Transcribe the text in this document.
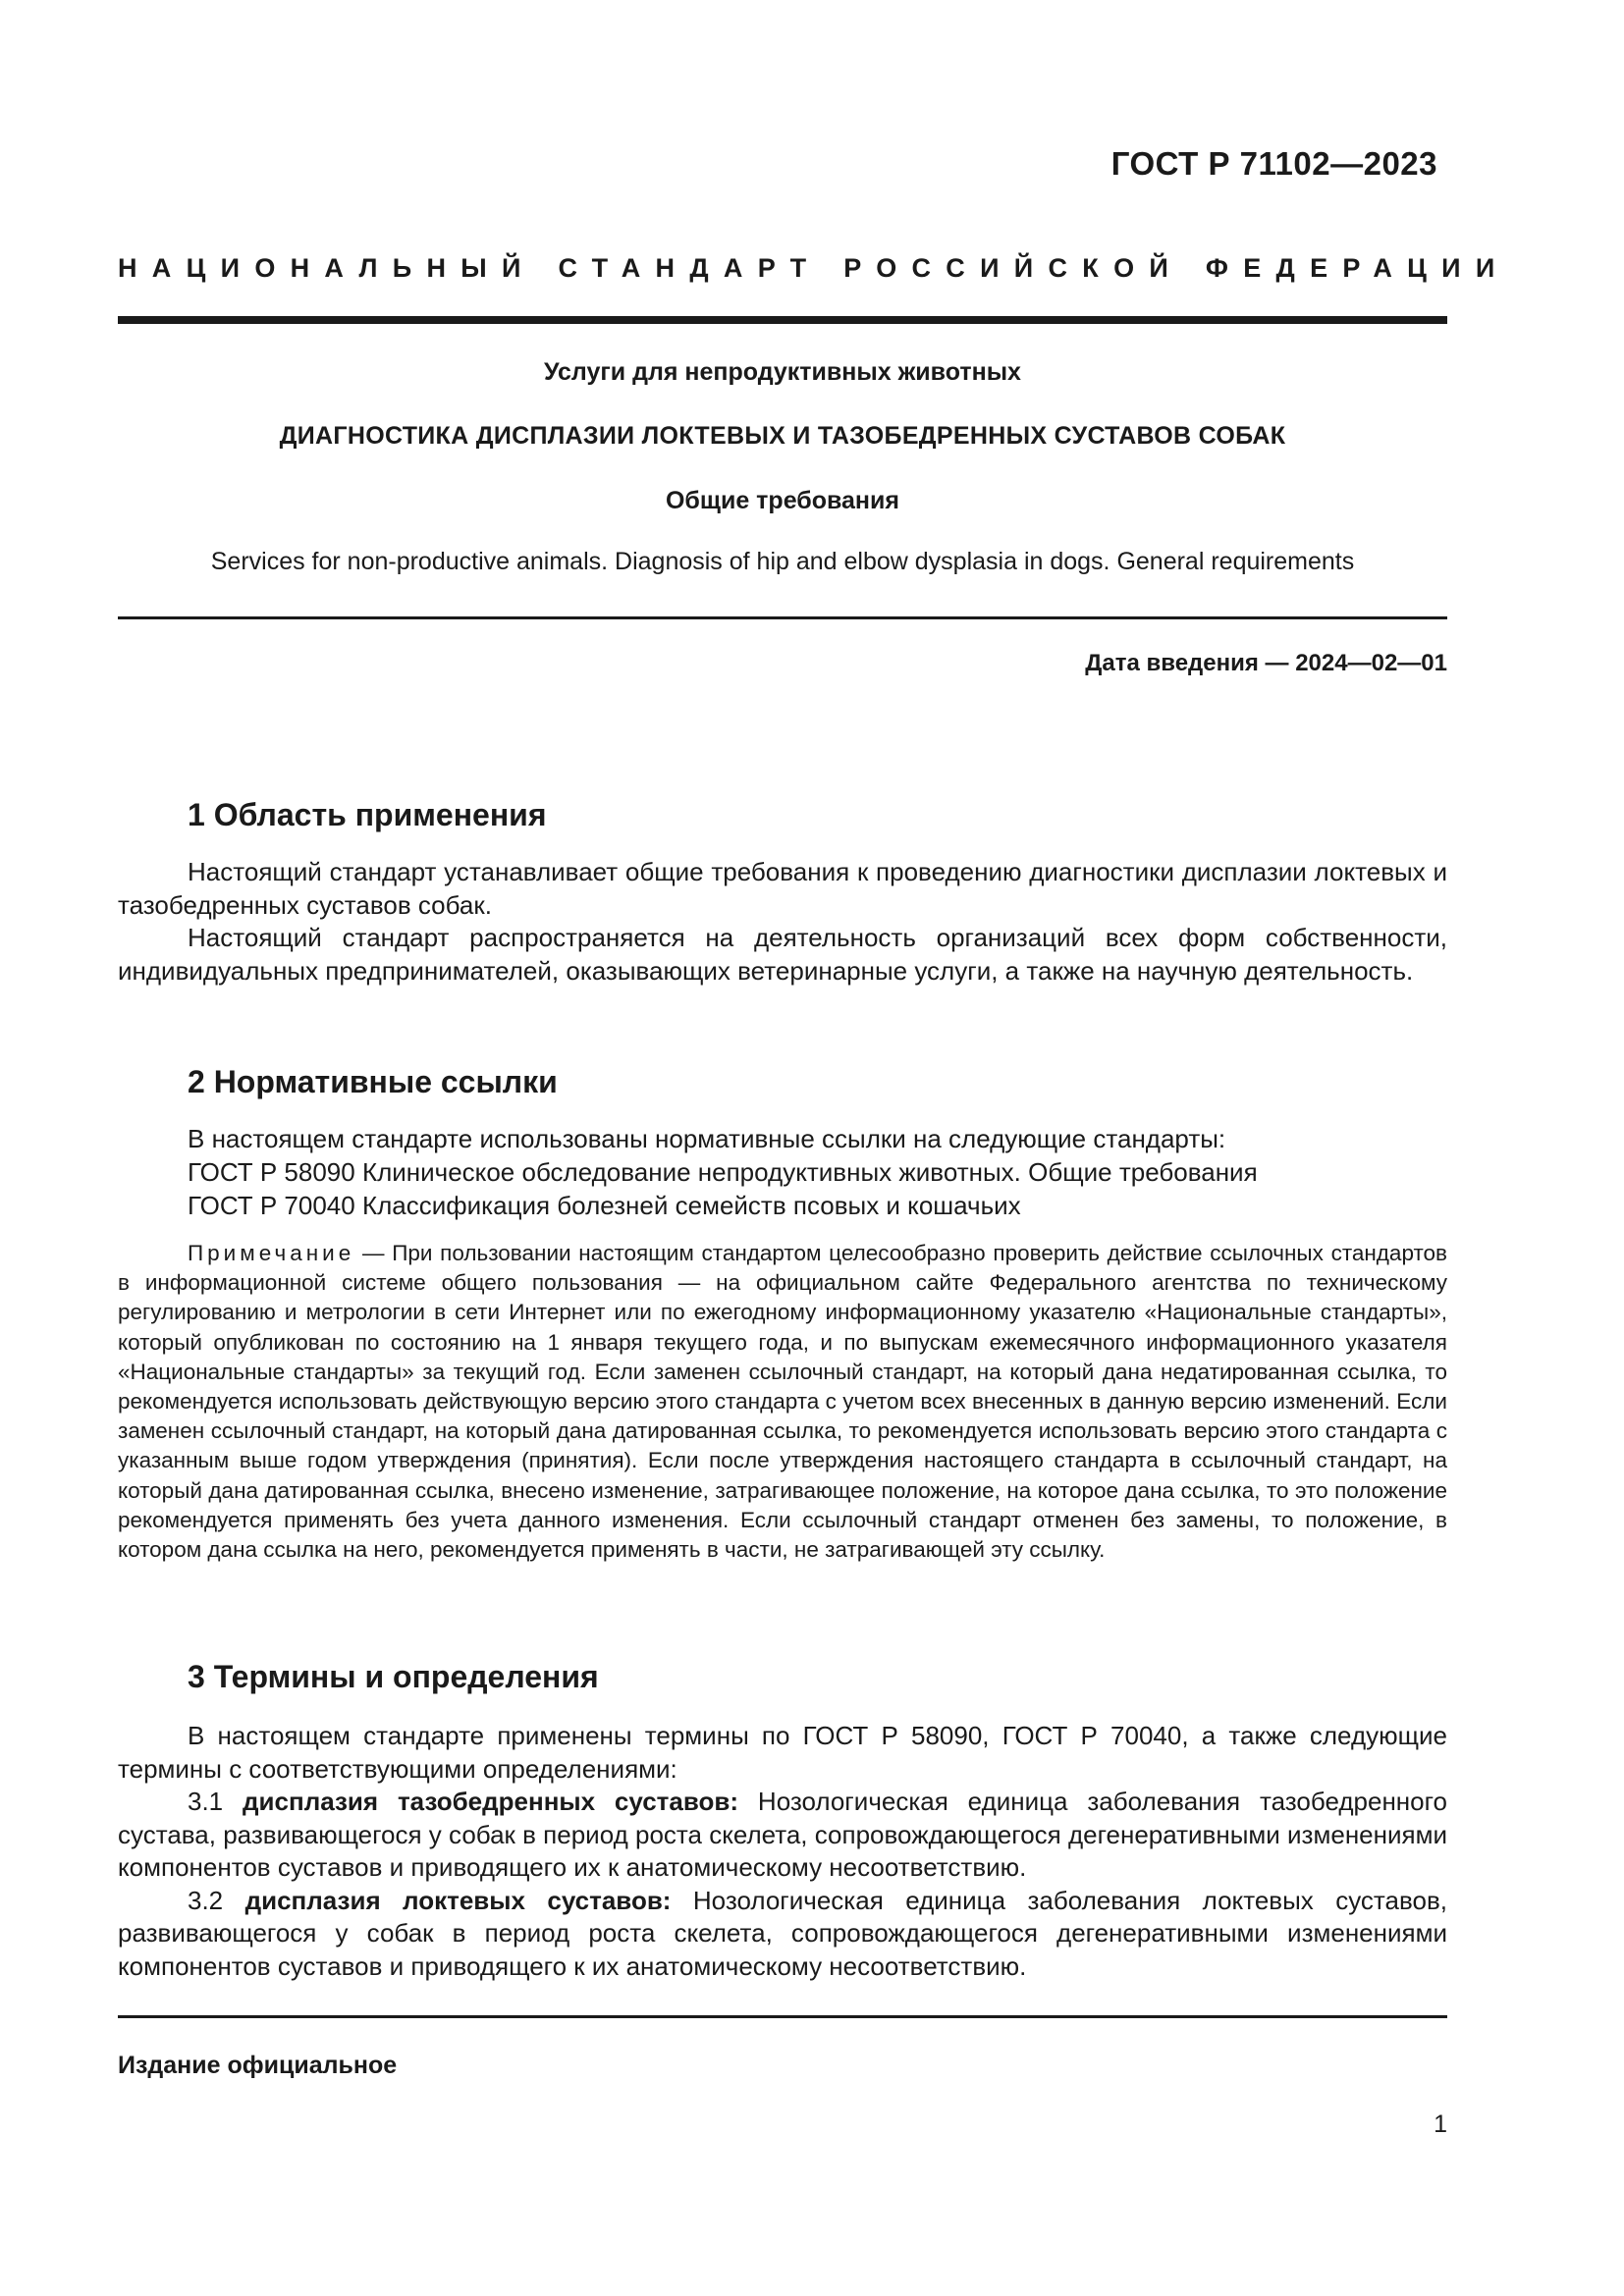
ГОСТ Р 71102—2023
НАЦИОНАЛЬНЫЙ СТАНДАРТ РОССИЙСКОЙ ФЕДЕРАЦИИ
Услуги для непродуктивных животных
ДИАГНОСТИКА ДИСПЛАЗИИ ЛОКТЕВЫХ И ТАЗОБЕДРЕННЫХ СУСТАВОВ СОБАК
Общие требования
Services for non-productive animals. Diagnosis of hip and elbow dysplasia in dogs. General requirements
Дата введения — 2024—02—01
1 Область применения

Настоящий стандарт устанавливает общие требования к проведению диагностики дисплазии локтевых и тазобедренных суставов собак.

Настоящий стандарт распространяется на деятельность организаций всех форм собственности, индивидуальных предпринимателей, оказывающих ветеринарные услуги, а также на научную деятельность.

2 Нормативные ссылки
В настоящем стандарте использованы нормативные ссылки на следующие стандарты:
ГОСТ Р 58090 Клиническое обследование непродуктивных животных. Общие требования
ГОСТ Р 70040 Классификация болезней семейств псовых и кошачьих
Примечание — При пользовании настоящим стандартом целесообразно проверить действие ссылочных стандартов в информационной системе общего пользования — на официальном сайте Федерального агентства по техническому регулированию и метрологии в сети Интернет или по ежегодному информационному указателю «Национальные стандарты», который опубликован по состоянию на 1 января текущего года, и по выпускам ежемесячного информационного указателя «Национальные стандарты» за текущий год. Если заменен ссылочный стандарт, на который дана недатированная ссылка, то рекомендуется использовать действующую версию этого стандарта с учетом всех внесенных в данную версию изменений. Если заменен ссылочный стандарт, на который дана датированная ссылка, то рекомендуется использовать версию этого стандарта с указанным выше годом утверждения (принятия). Если после утверждения настоящего стандарта в ссылочный стандарт, на который дана датированная ссылка, внесено изменение, затрагивающее положение, на которое дана ссылка, то это положение рекомендуется применять без учета данного изменения. Если ссылочный стандарт отменен без замены, то положение, в котором дана ссылка на него, рекомендуется применять в части, не затрагивающей эту ссылку.
3 Термины и определения

В настоящем стандарте применены термины по ГОСТ Р 58090, ГОСТ Р 70040, а также следующие термины с соответствующими определениями:

3.1 дисплазия тазобедренных суставов: Нозологическая единица заболевания тазобедренного сустава, развивающегося у собак в период роста скелета, сопровождающегося дегенеративными изменениями компонентов суставов и приводящего их к анатомическому несоответствию.

3.2 дисплазия локтевых суставов: Нозологическая единица заболевания локтевых суставов, развивающегося у собак в период роста скелета, сопровождающегося дегенеративными изменениями компонентов суставов и приводящего к их анатомическому несоответствию.

Издание официальное
1
